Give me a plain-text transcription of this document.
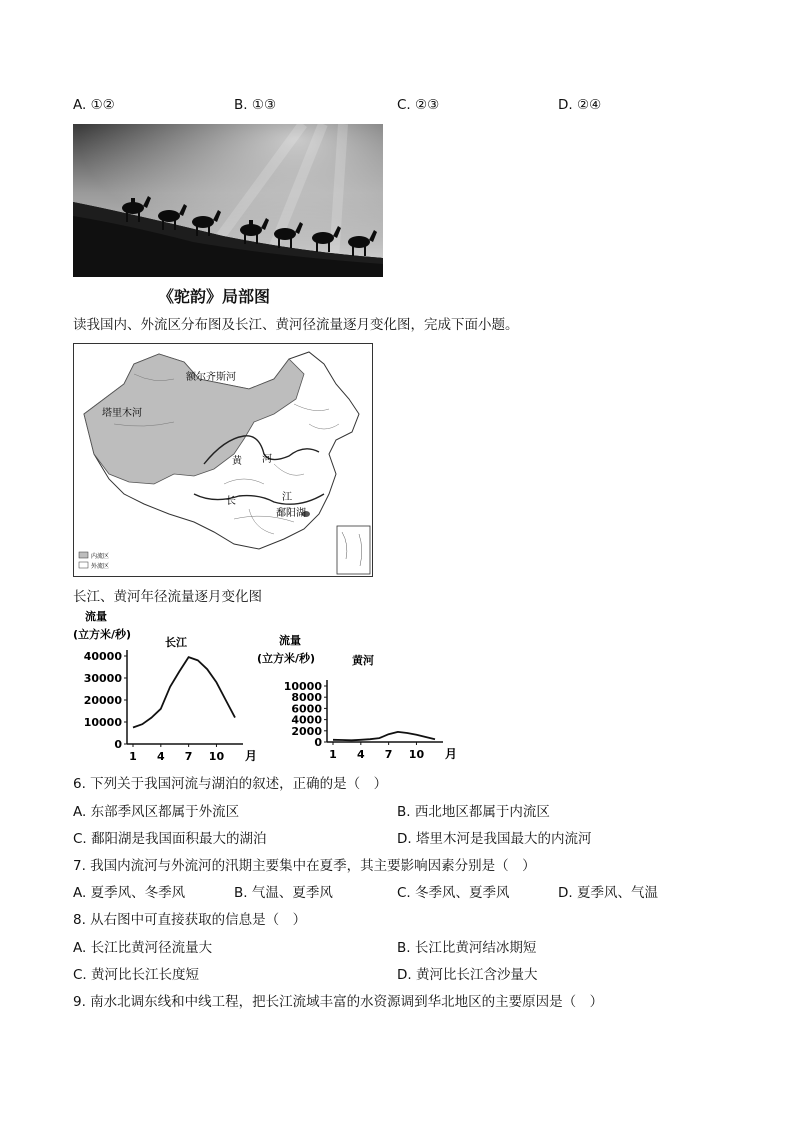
A. ①②	B. ①③	C. ②③	D. ②④
《驼韵》局部图
读我国内、外流区分布图及长江、黄河径流量逐月变化图，完成下面小题。
额尔齐斯河
塔里木河
黄 河
长	江
鄱阳湖
内流区
外流区
长江、黄河年径流量逐月变化图
流量
(立方米/秒)
长江
0
10000
20000
30000
40000
1 4 7 10 月
流量
(立方米/秒)	黄河
0
2000
4000
6000
8000
10000
1 4 7 10 月
6. 下列关于我国河流与湖泊的叙述，正确的是（　）
A. 东部季风区都属于外流区	B. 西北地区都属于内流区
C. 鄱阳湖是我国面积最大的湖泊	D. 塔里木河是我国最大的内流河
7. 我国内流河与外流河的汛期主要集中在夏季，其主要影响因素分别是（　）
A. 夏季风、冬季风	B. 气温、夏季风	C. 冬季风、夏季风	D. 夏季风、气温
8. 从右图中可直接获取的信息是（　）
A. 长江比黄河径流量大	B. 长江比黄河结冰期短
C. 黄河比长江长度短	D. 黄河比长江含沙量大
9. 南水北调东线和中线工程，把长江流域丰富的水资源调到华北地区的主要原因是（　）
